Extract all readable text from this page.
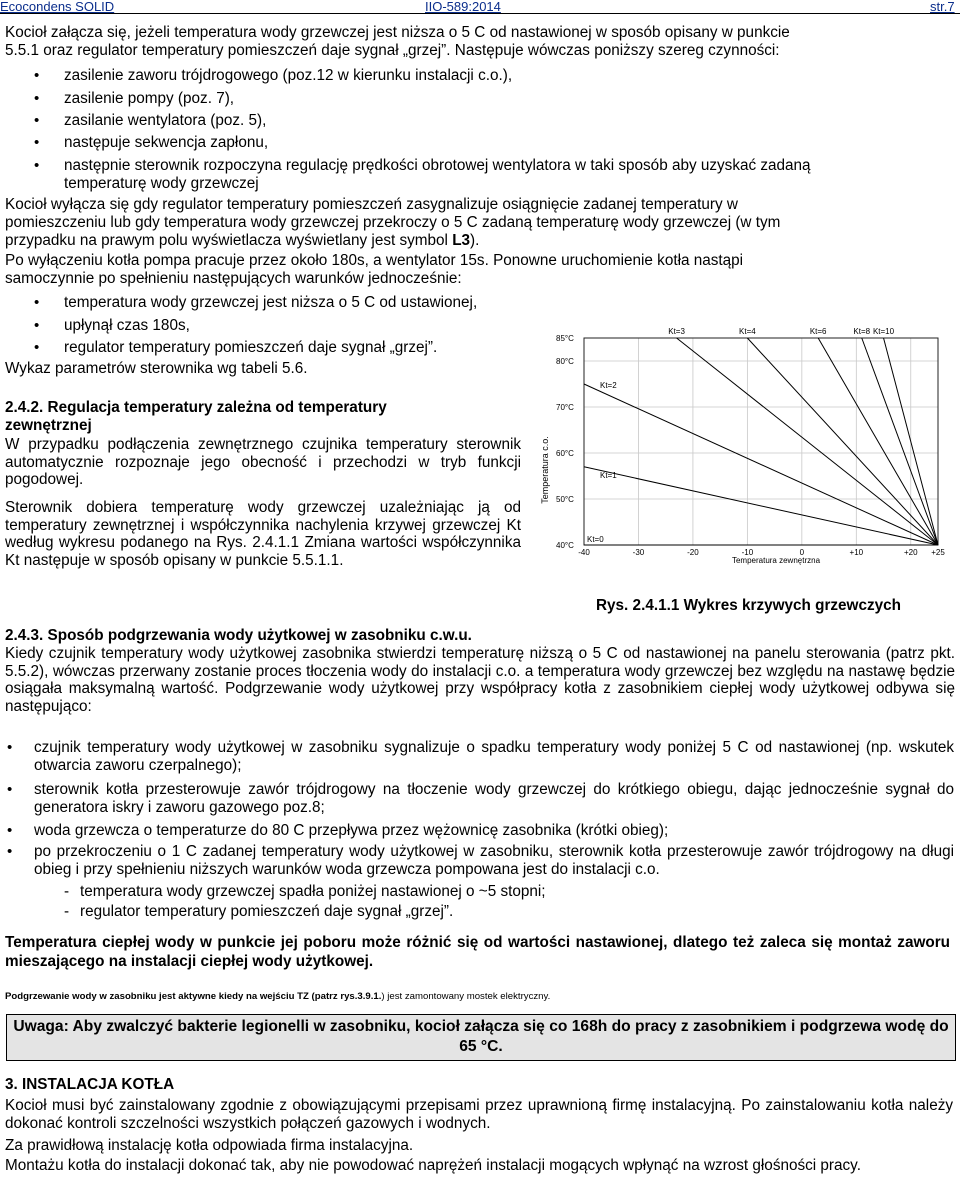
Ecocondens SOLID	IIO-589:2014	str.7
Kocioł załącza się, jeżeli temperatura wody grzewczej jest niższa o 5 C od nastawionej w sposób opisany w punkcie
5.5.1 oraz regulator temperatury pomieszczeń daje sygnał „grzej”. Następuje wówczas poniższy szereg czynności:
• zasilenie zaworu trójdrogowego (poz.12 w kierunku instalacji c.o.),
• zasilenie pompy (poz. 7),
• zasilanie wentylatora (poz. 5),
• następuje sekwencja zapłonu,
• następnie sterownik rozpoczyna regulację prędkości obrotowej wentylatora w taki sposób aby uzyskać zadaną
temperaturę wody grzewczej
Kocioł wyłącza się gdy regulator temperatury pomieszczeń zasygnalizuje osiągnięcie zadanej temperatury w
pomieszczeniu lub gdy temperatura wody grzewczej przekroczy o 5 C zadaną temperaturę wody grzewczej (w tym
przypadku na prawym polu wyświetlacza wyświetlany jest symbol L3).
Po wyłączeniu kotła pompa pracuje przez około 180s, a wentylator 15s. Ponowne uruchomienie kotła nastąpi
samoczynnie po spełnieniu następujących warunków jednocześnie:
• temperatura wody grzewczej jest niższa o 5 C od ustawionej,
• upłynął czas 180s,
• regulator temperatury pomieszczeń daje sygnał „grzej”.
Wykaz parametrów sterownika wg tabeli 5.6.
2.4.2. Regulacja temperatury zależna od temperatury
zewnętrznej
W przypadku podłączenia zewnętrznego czujnika temperatury sterownik automatycznie rozpoznaje jego obecność i przechodzi w tryb funkcji pogodowej.
Sterownik dobiera temperaturę wody grzewczej uzależniając ją od temperatury zewnętrznej i współczynnika nachylenia krzywej grzewczej Kt według wykresu podanego na Rys. 2.4.1.1 Zmiana wartości współczynnika Kt następuje w sposób opisany w punkcie 5.5.1.1.
Temperatura c.o.
Kt=0
Kt=1
Kt=2
Kt=3	Kt=4	Kt=6	Kt=8 Kt=10
40°C
50°C
60°C
70°C
80°C
85°C
-40	-30	-20	-10	0	+10	+20 +25
Temperatura zewnętrzna
Rys. 2.4.1.1 Wykres krzywych grzewczych
2.4.3. Sposób podgrzewania wody użytkowej w zasobniku c.w.u.
Kiedy czujnik temperatury wody użytkowej zasobnika stwierdzi temperaturę niższą o 5 C od nastawionej na panelu sterowania (patrz pkt. 5.5.2), wówczas przerwany zostanie proces tłoczenia wody do instalacji c.o. a temperatura wody grzewczej bez względu na nastawę będzie osiągała maksymalną wartość. Podgrzewanie wody użytkowej przy współpracy kotła z zasobnikiem ciepłej wody użytkowej odbywa się następująco:
• czujnik temperatury wody użytkowej w zasobniku sygnalizuje o spadku temperatury wody poniżej 5 C od nastawionej (np. wskutek otwarcia zaworu czerpalnego);
• sterownik kotła przesterowuje zawór trójdrogowy na tłoczenie wody grzewczej do krótkiego obiegu, dając jednocześnie sygnał do generatora iskry i zaworu gazowego poz.8;
• woda grzewcza o temperaturze do 80 C przepływa przez wężownicę zasobnika (krótki obieg);
• po przekroczeniu o 1 C zadanej temperatury wody użytkowej w zasobniku, sterownik kotła przesterowuje zawór trójdrogowy na długi obieg i przy spełnieniu niższych warunków woda grzewcza pompowana jest do instalacji c.o.
- temperatura wody grzewczej spadła poniżej nastawionej o ~5 stopni;
- regulator temperatury pomieszczeń daje sygnał „grzej”.
Temperatura ciepłej wody w punkcie jej poboru może różnić się od wartości nastawionej, dlatego też zaleca się montaż zaworu mieszającego na instalacji ciepłej wody użytkowej.
Podgrzewanie wody w zasobniku jest aktywne kiedy na wejściu TZ (patrz rys.3.9.1.) jest zamontowany mostek elektryczny.
Uwaga: Aby zwalczyć bakterie legionelli w zasobniku, kocioł załącza się co 168h do pracy z zasobnikiem i podgrzewa wodę do 65 °C.
3. INSTALACJA KOTŁA
Kocioł musi być zainstalowany zgodnie z obowiązującymi przepisami przez uprawnioną firmę instalacyjną. Po zainstalowaniu kotła należy dokonać kontroli szczelności wszystkich połączeń gazowych i wodnych.
Za prawidłową instalację kotła odpowiada firma instalacyjna.
Montażu kotła do instalacji dokonać tak, aby nie powodować naprężeń instalacji mogących wpłynąć na wzrost głośności pracy.
